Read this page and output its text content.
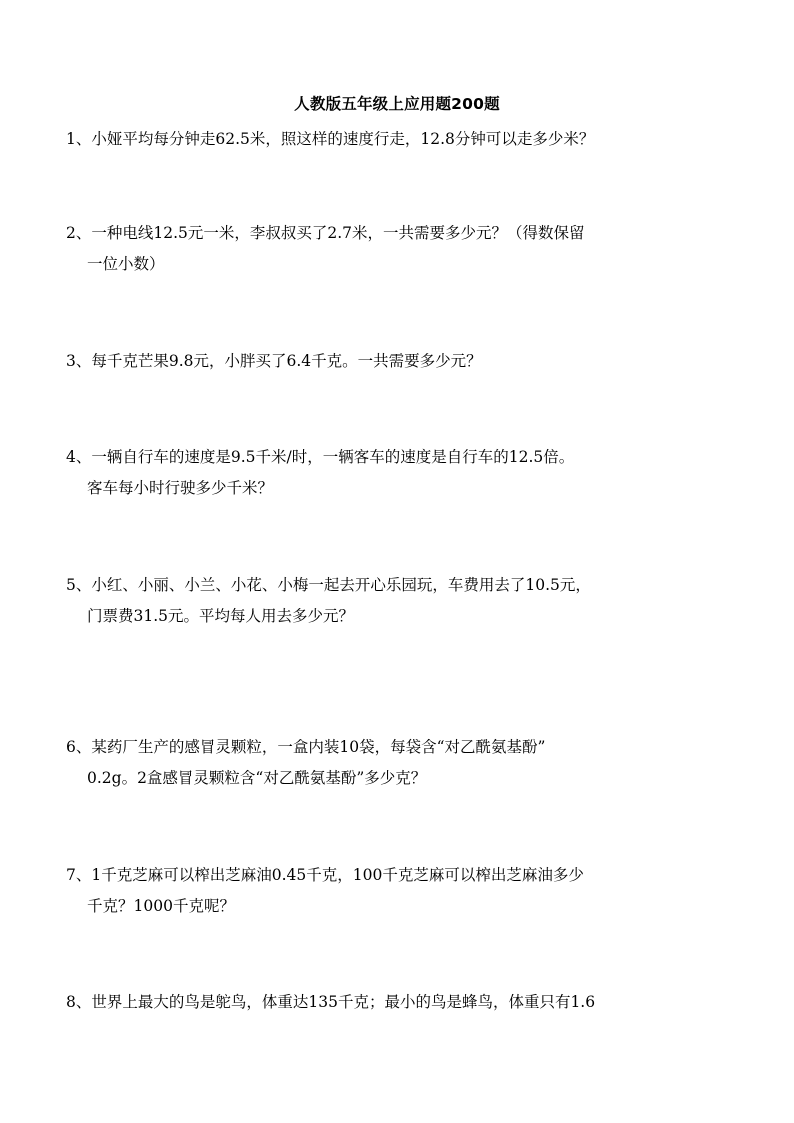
人教版五年级上应用题200题
1、小娅平均每分钟走62.5米，照这样的速度行走，12.8分钟可以走多少米？
2、一种电线12.5元一米，李叔叔买了2.7米，一共需要多少元？（得数保留
一位小数）
3、每千克芒果9.8元，小胖买了6.4千克。一共需要多少元？
4、一辆自行车的速度是9.5千米/时，一辆客车的速度是自行车的12.5倍。
客车每小时行驶多少千米？
5、小红、小丽、小兰、小花、小梅一起去开心乐园玩，车费用去了10.5元，
门票费31.5元。平均每人用去多少元？
6、某药厂生产的感冒灵颗粒，一盒内装10袋，每袋含“对乙酰氨基酚”
0.2g。2盒感冒灵颗粒含“对乙酰氨基酚”多少克？
7、1千克芝麻可以榨出芝麻油0.45千克，100千克芝麻可以榨出芝麻油多少
千克？1000千克呢？
8、世界上最大的鸟是鸵鸟，体重达135千克；最小的鸟是蜂鸟，体重只有1.6
